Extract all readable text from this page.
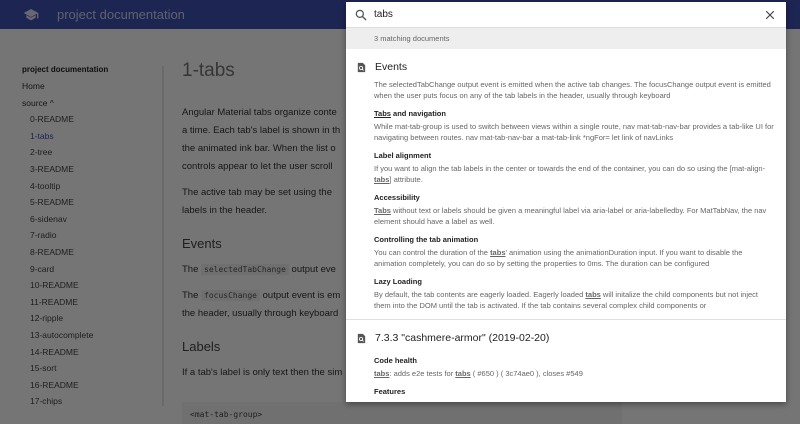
tabs
3 matching documents
Events
The selectedTabChange output event is emitted when the active tab changes. The focusChange output event is emitted when the user puts focus on any of the tab labels in the header, usually through keyboard
Tabs and navigation
While mat-tab-group is used to switch between views within a single route, nav mat-tab-nav-bar provides a tab-like UI for navigating between routes. nav mat-tab-nav-bar a mat-tab-link *ngFor= let link of navLinks
Label alignment
If you want to align the tab labels in the center or towards the end of the container, you can do so using the [mat-align-tabs] attribute.
Accessibility
Tabs without text or labels should be given a meaningful label via aria-label or aria-labelledby. For MatTabNav, the nav element should have a label as well.
Controlling the tab animation
You can control the duration of the tabs' animation using the animationDuration input. If you want to disable the animation completely, you can do so by setting the properties to 0ms. The duration can be configured
Lazy Loading
By default, the tab contents are eagerly loaded. Eagerly loaded tabs will initalize the child components but not inject them into the DOM until the tab is activated. If the tab contains several complex child components or
7.3.3 "cashmere-armor" (2019-02-20)
Code health
tabs: adds e2e tests for tabs ( #650 ) ( 3c74ae0 ), closes #549
Features
